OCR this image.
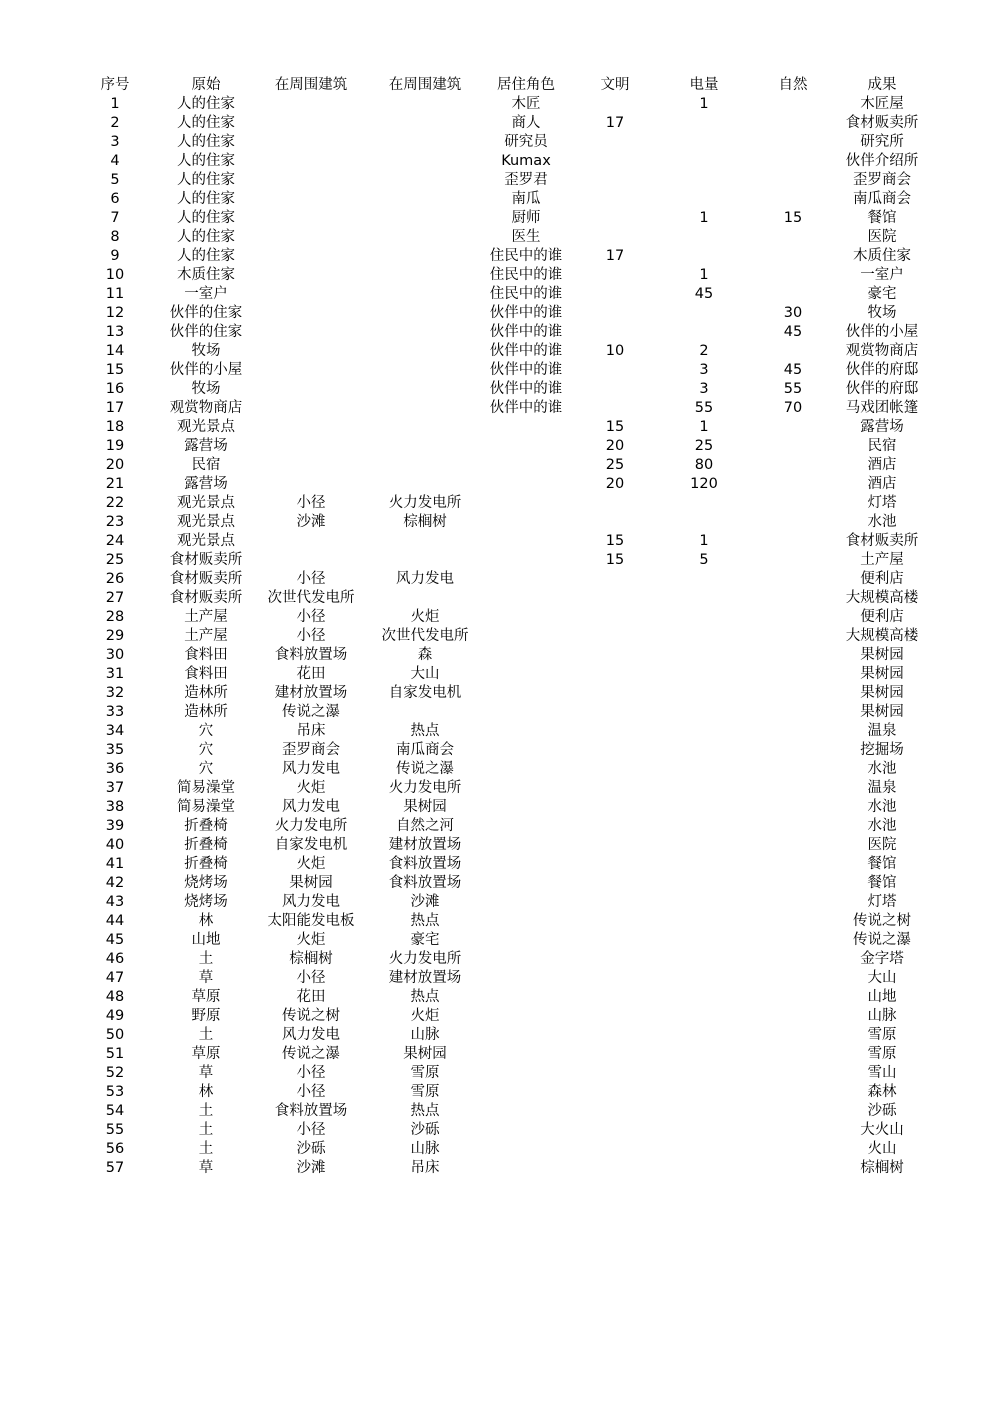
序号	原始	在周围建筑	在周围建筑	居住角色	文明	电量	自然	成果
1	人的住家			木匠		1		木匠屋
2	人的住家			商人	17			食材贩卖所
3	人的住家			研究员				研究所
4	人的住家			Kumax				伙伴介绍所
5	人的住家			歪罗君				歪罗商会
6	人的住家			南瓜				南瓜商会
7	人的住家			厨师		1	15	餐馆
8	人的住家			医生				医院
9	人的住家			住民中的谁	17			木质住家
10	木质住家			住民中的谁		1		一室户
11	一室户			住民中的谁		45		豪宅
12	伙伴的住家			伙伴中的谁			30	牧场
13	伙伴的住家			伙伴中的谁			45	伙伴的小屋
14	牧场			伙伴中的谁	10	2		观赏物商店
15	伙伴的小屋			伙伴中的谁		3	45	伙伴的府邸
16	牧场			伙伴中的谁		3	55	伙伴的府邸
17	观赏物商店			伙伴中的谁		55	70	马戏团帐篷
18	观光景点				15	1		露营场
19	露营场				20	25		民宿
20	民宿				25	80		酒店
21	露营场				20	120		酒店
22	观光景点	小径	火力发电所					灯塔
23	观光景点	沙滩	棕榈树					水池
24	观光景点				15	1		食材贩卖所
25	食材贩卖所				15	5		土产屋
26	食材贩卖所	小径	风力发电					便利店
27	食材贩卖所	次世代发电所						大规模高楼
28	土产屋	小径	火炬					便利店
29	土产屋	小径	次世代发电所					大规模高楼
30	食料田	食料放置场	森					果树园
31	食料田	花田	大山					果树园
32	造林所	建材放置场	自家发电机					果树园
33	造林所	传说之瀑						果树园
34	穴	吊床	热点					温泉
35	穴	歪罗商会	南瓜商会					挖掘场
36	穴	风力发电	传说之瀑					水池
37	简易澡堂	火炬	火力发电所					温泉
38	简易澡堂	风力发电	果树园					水池
39	折叠椅	火力发电所	自然之河					水池
40	折叠椅	自家发电机	建材放置场					医院
41	折叠椅	火炬	食料放置场					餐馆
42	烧烤场	果树园	食料放置场					餐馆
43	烧烤场	风力发电	沙滩					灯塔
44	林	太阳能发电板	热点					传说之树
45	山地	火炬	豪宅					传说之瀑
46	土	棕榈树	火力发电所					金字塔
47	草	小径	建材放置场					大山
48	草原	花田	热点					山地
49	野原	传说之树	火炬					山脉
50	土	风力发电	山脉					雪原
51	草原	传说之瀑	果树园					雪原
52	草	小径	雪原					雪山
53	林	小径	雪原					森林
54	土	食料放置场	热点					沙砾
55	土	小径	沙砾					大火山
56	土	沙砾	山脉					火山
57	草	沙滩	吊床					棕榈树
